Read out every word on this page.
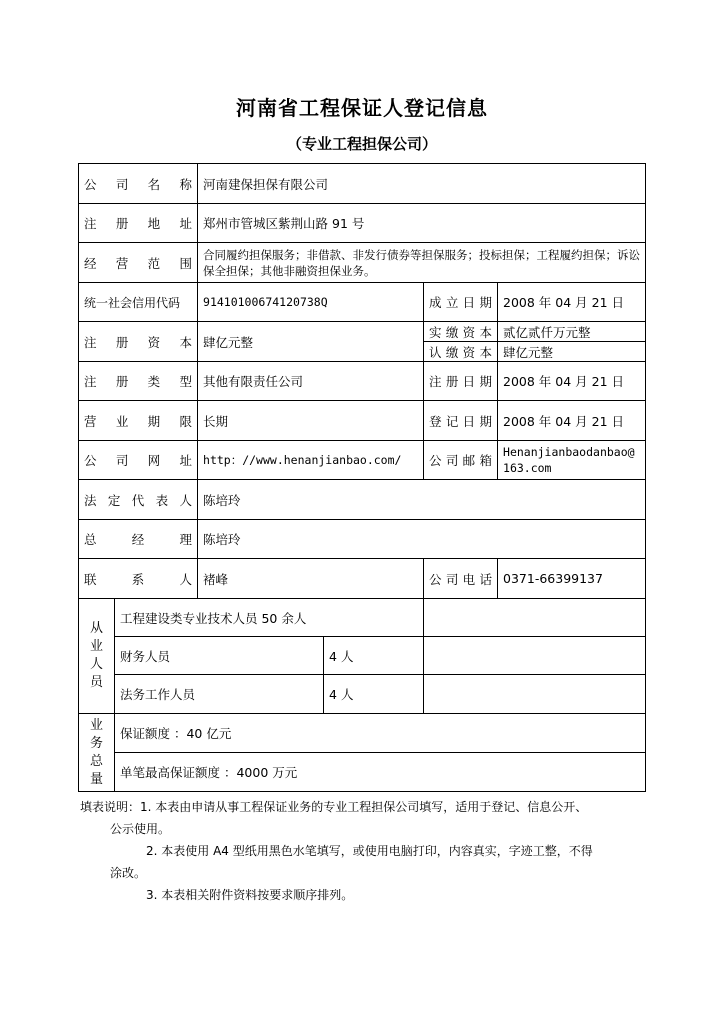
河南省工程保证人登记信息
（专业工程担保公司）
公 司 名 称		河南建保担保有限公司			
注 册 地 址		郑州市管城区紫荆山路 91 号			
经 营 范 围		合同履约担保服务；非借款、非发行债券等担保服务；投标担保；工程履约担保；诉讼保全担保；其他非融资担保业务。			
统一社会信用代码		91410100674120738Q		成 立 日 期	2008 年 04 月 21 日
注 册 资 本		肆亿元整		实 缴 资 本	贰亿贰仟万元整
				认 缴 资 本	肆亿元整
注 册 类 型		其他有限责任公司		注 册 日 期	2008 年 04 月 21 日
营 业 期 限		长期		登 记 日 期	2008 年 04 月 21 日
公 司 网 址		http：//www.henanjianbao.com/		公 司 邮 箱	Henanjianbaodanbao@163.com
法 定 代 表 人		陈培玲			
总 经 理		陈培玲			
联 系 人		褚峰		公 司 电 话	0371-66399137

从
业
人
员	工程建设类专业技术人员 50 余人				
	财务人员		4 人		
	法务工作人员		4 人		

业
务
总
量	保证额度 ：40 亿元				
	单笔最高保证额度 ：4000 万元				
填表说明：1. 本表由申请从事工程保证业务的专业工程担保公司填写，适用于登记、信息公开、
公示使用。
2. 本表使用 A4 型纸用黑色水笔填写，或使用电脑打印，内容真实，字迹工整，不得
涂改。
3. 本表相关附件资料按要求顺序排列。
